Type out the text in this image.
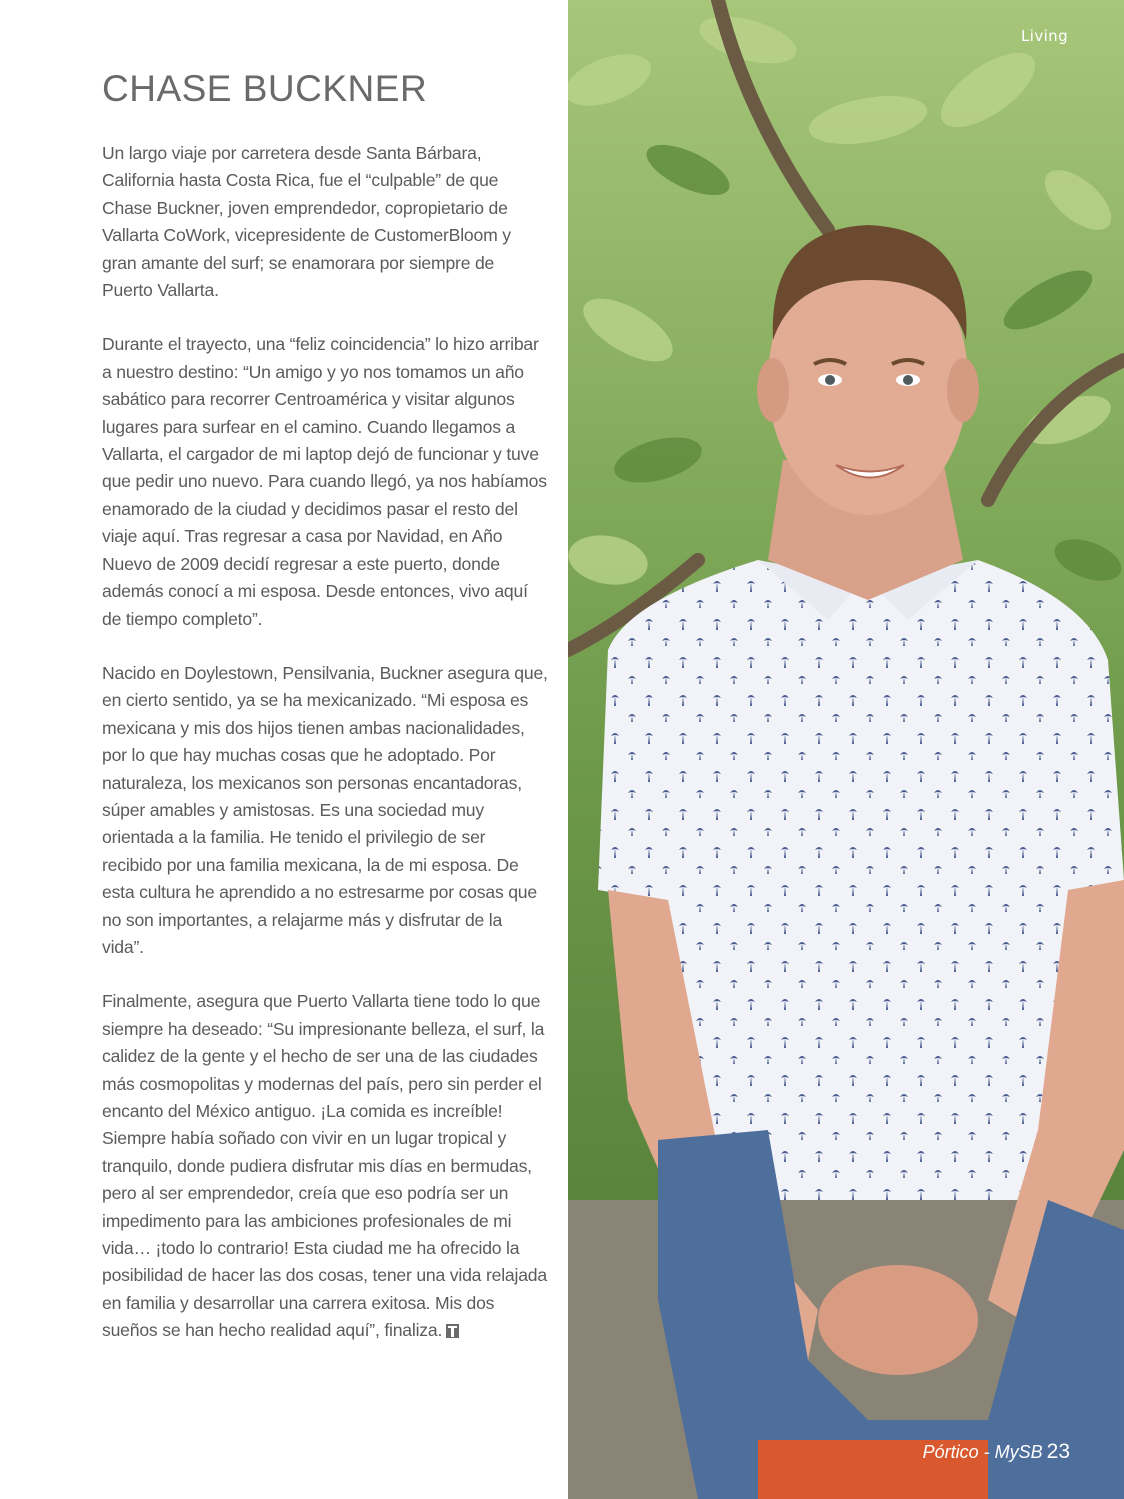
CHASE BUCKNER

Un largo viaje por carretera desde Santa Bárbara, California hasta Costa Rica, fue el “culpable” de que Chase Buckner, joven emprendedor, copropietario de Vallarta CoWork, vicepresidente de CustomerBloom y gran amante del surf; se enamorara por siempre de Puerto Vallarta.

Durante el trayecto, una “feliz coincidencia” lo hizo arribar a nuestro destino: “Un amigo y yo nos tomamos un año sabático para recorrer Centroamérica y visitar algunos lugares para surfear en el camino. Cuando llegamos a Vallarta, el cargador de mi laptop dejó de funcionar y tuve que pedir uno nuevo. Para cuando llegó, ya nos habíamos enamorado de la ciudad y decidimos pasar el resto del viaje aquí. Tras regresar a casa por Navidad, en Año Nuevo de 2009 decidí regresar a este puerto, donde además conocí a mi esposa. Desde entonces, vivo aquí de tiempo completo”.

Nacido en Doylestown, Pensilvania, Buckner asegura que, en cierto sentido, ya se ha mexicanizado. “Mi esposa es mexicana y mis dos hijos tienen ambas nacionalidades, por lo que hay muchas cosas que he adoptado. Por naturaleza, los mexicanos son personas encantadoras, súper amables y amistosas. Es una sociedad muy orientada a la familia. He tenido el privilegio de ser recibido por una familia mexicana, la de mi esposa. De esta cultura he aprendido a no estresarme por cosas que no son importantes, a relajarme más y disfrutar de la vida”.

Finalmente, asegura que Puerto Vallarta tiene todo lo que siempre ha deseado: “Su impresionante belleza, el surf, la calidez de la gente y el hecho de ser una de las ciudades más cosmopolitas y modernas del país, pero sin perder el encanto del México antiguo. ¡La comida es increíble! Siempre había soñado con vivir en un lugar tropical y tranquilo, donde pudiera disfrutar mis días en bermudas, pero al ser emprendedor, creía que eso podría ser un impedimento para las ambiciones profesionales de mi vida… ¡todo lo contrario! Esta ciudad me ha ofrecido la posibilidad de hacer las dos cosas, tener una vida relajada en familia y desarrollar una carrera exitosa. Mis dos sueños se han hecho realidad aquí”, finaliza.

Living
Pórtico - MySB 23
